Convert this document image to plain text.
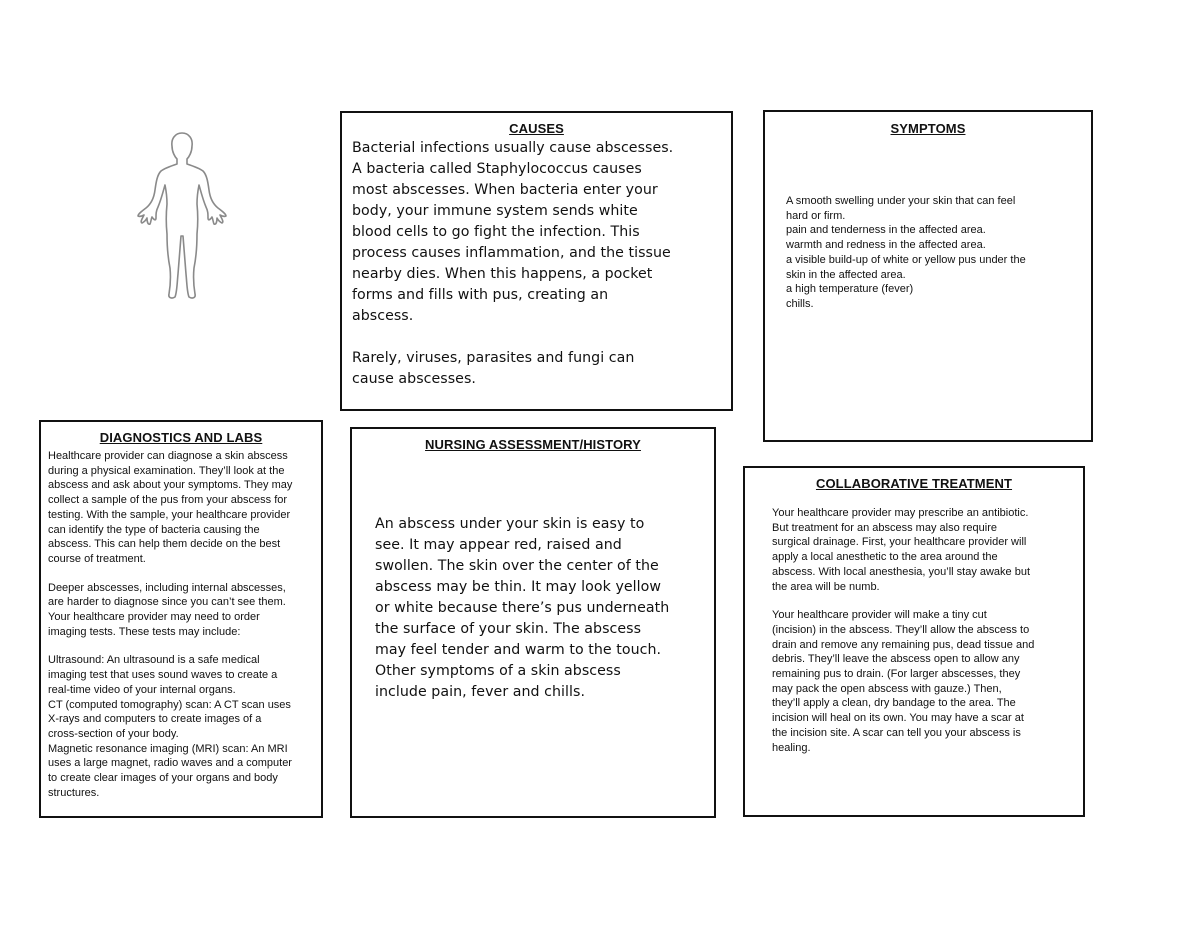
CAUSES

Bacterial infections usually cause abscesses.
A bacteria called Staphylococcus causes
most abscesses. When bacteria enter your
body, your immune system sends white
blood cells to go fight the infection. This
process causes inflammation, and the tissue
nearby dies. When this happens, a pocket
forms and fills with pus, creating an
abscess.

Rarely, viruses, parasites and fungi can
cause abscesses.

SYMPTOMS

A smooth swelling under your skin that can feel
hard or firm.

pain and tenderness in the affected area.

warmth and redness in the affected area.

a visible build-up of white or yellow pus under the
skin in the affected area.

a high temperature (fever)

chills.

DIAGNOSTICS AND LABS

Healthcare provider can diagnose a skin abscess
during a physical examination. They’ll look at the
abscess and ask about your symptoms. They may
collect a sample of the pus from your abscess for
testing. With the sample, your healthcare provider
can identify the type of bacteria causing the
abscess. This can help them decide on the best
course of treatment.

Deeper abscesses, including internal abscesses,
are harder to diagnose since you can’t see them.
Your healthcare provider may need to order
imaging tests. These tests may include:

Ultrasound: An ultrasound is a safe medical
imaging test that uses sound waves to create a
real-time video of your internal organs.
CT (computed tomography) scan: A CT scan uses
X-rays and computers to create images of a
cross-section of your body.
Magnetic resonance imaging (MRI) scan: An MRI
uses a large magnet, radio waves and a computer
to create clear images of your organs and body
structures.

NURSING ASSESSMENT/HISTORY

An abscess under your skin is easy to
see. It may appear red, raised and
swollen. The skin over the center of the
abscess may be thin. It may look yellow
or white because there’s pus underneath
the surface of your skin. The abscess
may feel tender and warm to the touch.
Other symptoms of a skin abscess
include pain, fever and chills.

COLLABORATIVE TREATMENT

Your healthcare provider may prescribe an antibiotic.
But treatment for an abscess may also require
surgical drainage. First, your healthcare provider will
apply a local anesthetic to the area around the
abscess. With local anesthesia, you’ll stay awake but
the area will be numb.

Your healthcare provider will make a tiny cut
(incision) in the abscess. They’ll allow the abscess to
drain and remove any remaining pus, dead tissue and
debris. They’ll leave the abscess open to allow any
remaining pus to drain. (For larger abscesses, they
may pack the open abscess with gauze.) Then,
they’ll apply a clean, dry bandage to the area. The
incision will heal on its own. You may have a scar at
the incision site. A scar can tell you your abscess is
healing.
